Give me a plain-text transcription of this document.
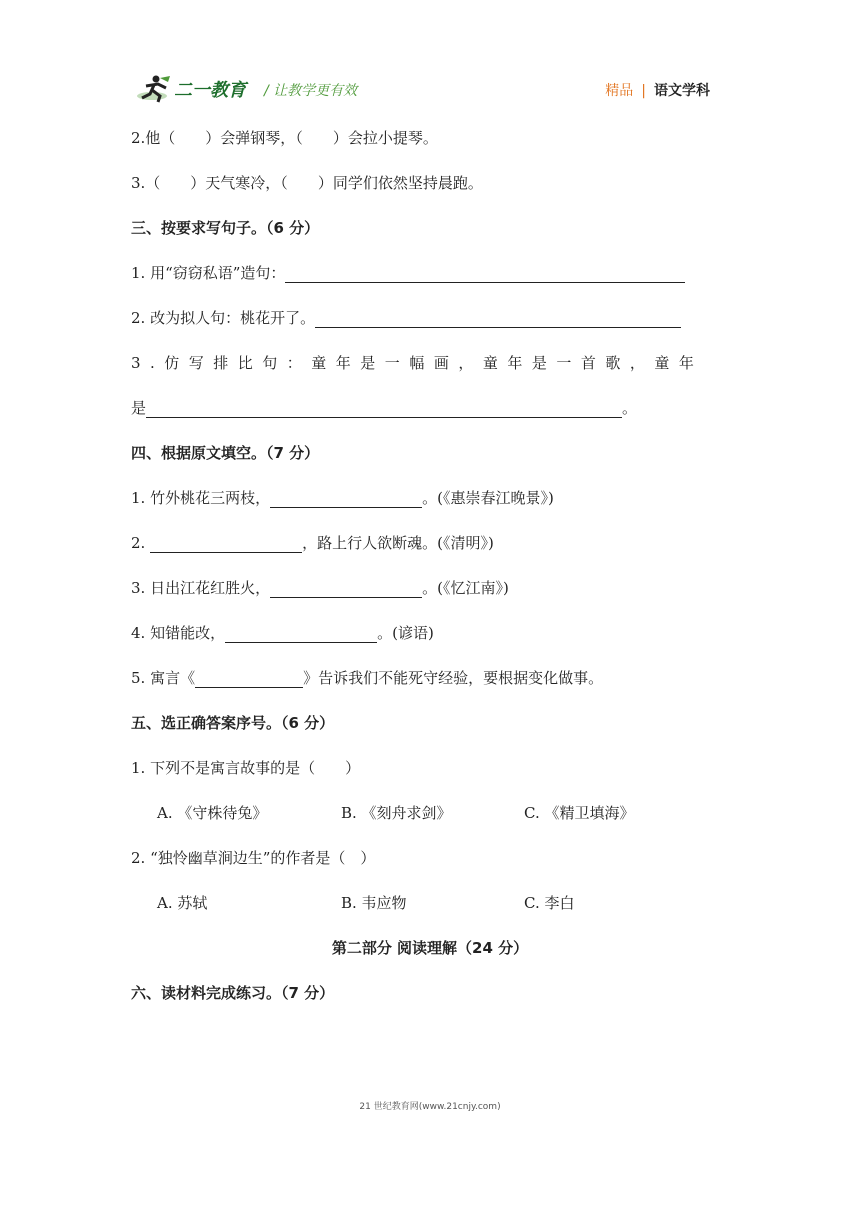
二一教育 / 让教学更有效	精品 | 语文学科
2.他（　　）会弹钢琴，（　　）会拉小提琴。
3.（　　）天气寒冷，（　　）同学们依然坚持晨跑。
三、按要求写句子。（6 分）
1. 用“窃窃私语”造句：
2. 改为拟人句：桃花开了。
3.仿写排比句：童年是一幅画，童年是一首歌，童年
是	。
四、根据原文填空。（7 分）
1. 竹外桃花三两枝，	。(《惠崇春江晚景》)
2.	，路上行人欲断魂。(《清明》)
3. 日出江花红胜火，	。(《忆江南》)
4. 知错能改，	。(谚语)
5. 寓言《	》告诉我们不能死守经验，要根据变化做事。
五、选正确答案序号。（6 分）
1. 下列不是寓言故事的是（　　）
A. 《守株待兔》	B. 《刻舟求剑》	C. 《精卫填海》
2. “独怜幽草涧边生”的作者是（　）
A. 苏轼	B. 韦应物	C. 李白
第二部分 阅读理解（24 分）
六、读材料完成练习。（7 分）
21 世纪教育网(www.21cnjy.com)
